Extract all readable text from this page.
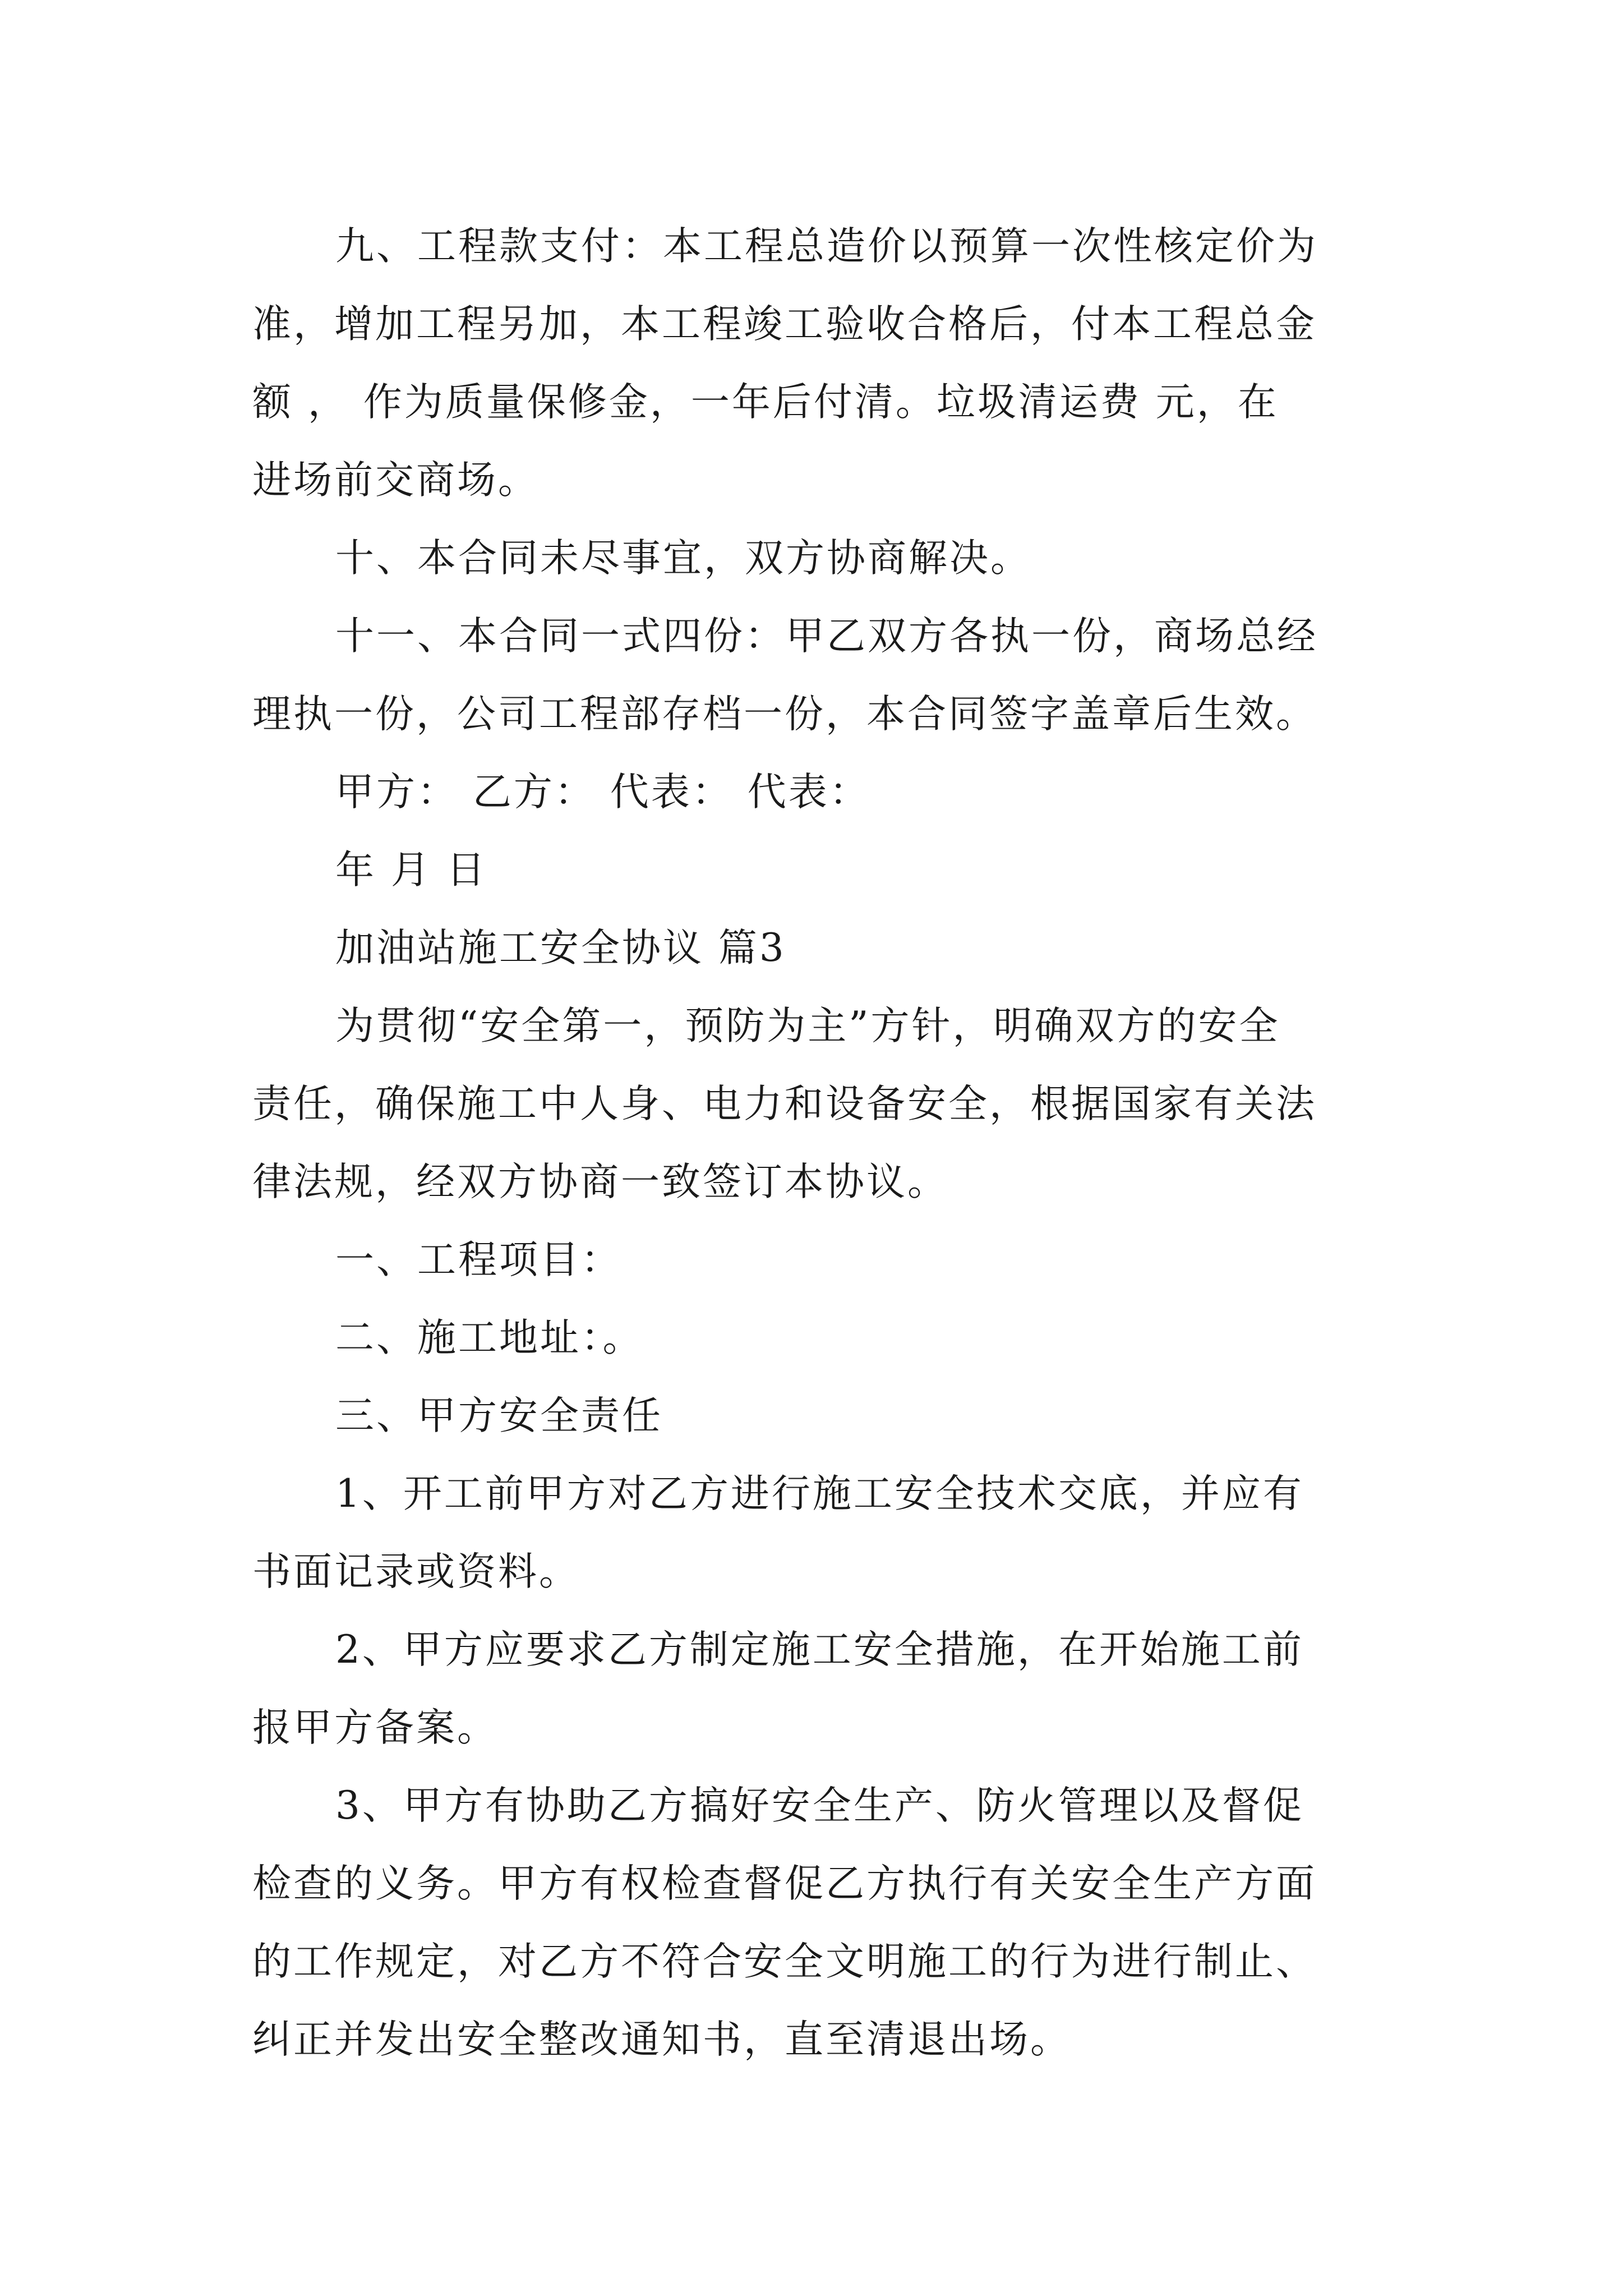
九、工程款支付：本工程总造价以预算一次性核定价为
准，增加工程另加，本工程竣工验收合格后，付本工程总金
额 ， 作为质量保修金，一年后付清。垃圾清运费 元，在
进场前交商场。
十、本合同未尽事宜，双方协商解决。
十一、本合同一式四份：甲乙双方各执一份，商场总经
理执一份，公司工程部存档一份，本合同签字盖章后生效。
甲方： 乙方： 代表： 代表：
年 月 日
加油站施工安全协议 篇3
为贯彻“安全第一，预防为主”方针，明确双方的安全
责任，确保施工中人身、电力和设备安全，根据国家有关法
律法规，经双方协商一致签订本协议。
一、工程项目：
二、施工地址：。
三、甲方安全责任
1、开工前甲方对乙方进行施工安全技术交底，并应有
书面记录或资料。
2、甲方应要求乙方制定施工安全措施，在开始施工前
报甲方备案。
3、甲方有协助乙方搞好安全生产、防火管理以及督促
检查的义务。甲方有权检查督促乙方执行有关安全生产方面
的工作规定，对乙方不符合安全文明施工的行为进行制止、
纠正并发出安全整改通知书，直至清退出场。
